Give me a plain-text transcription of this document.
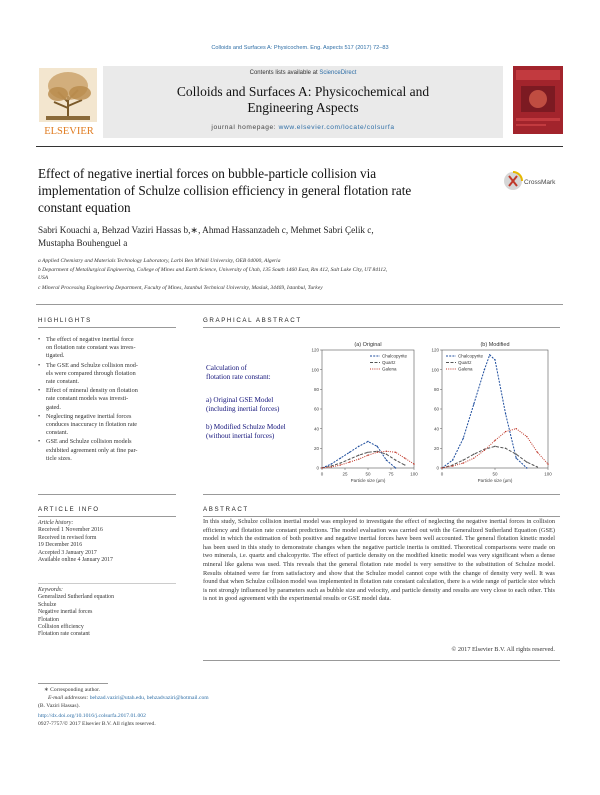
Colloids and Surfaces A: Physicochem. Eng. Aspects 517 (2017) 72–83
Contents lists available at ScienceDirect
Colloids and Surfaces A: Physicochemical and
Engineering Aspects
journal homepage: www.elsevier.com/locate/colsurfa
ELSEVIER
Effect of negative inertial forces on bubble-particle collision via
implementation of Schulze collision efficiency in general flotation rate
constant equation
CrossMark
Sabri Kouachi a, Behzad Vaziri Hassas b,∗, Ahmad Hassanzadeh c, Mehmet Sabri Çelik c,
Mustapha Bouhenguel a
a Applied Chemistry and Materials Technology Laboratory, Larbi Ben M'hidi University, OEB 04000, Algeria
b Department of Metallurgical Engineering, College of Mines and Earth Science, University of Utah, 135 South 1460 East, Rm 412, Salt Lake City, UT 84112,
USA
c Mineral Processing Engineering Department, Faculty of Mines, Istanbul Technical University, Maslak, 34469, Istanbul, Turkey
HIGHLIGHTS
• The effect of negative inertial force
on flotation rate constant was inves-
tigated.
• The GSE and Schulze collision mod-
els were compared through flotation
rate constant.
• Effect of mineral density on flotation
rate constant models was investi-
gated.
• Neglecting negative inertial forces
conduces inaccuracy in flotation rate
constant.
• GSE and Schulze collision models
exhibited agreement only at fine par-
ticle sizes.
GRAPHICAL ABSTRACT
Calculation of
flotation rate constant:
a) Original GSE Model
(including inertial forces)
b) Modified Schulze Model
(without inertial forces)
(a) Original
0
20
40
60
80
100
120
0	25	50	75	100
Particle size (µm)
Chalcopyrite
Quartz
Galena
(b) Modified
0
20
40
60
80
100
120
0	50	100
Particle size (µm)
Chalcopyrite
Quartz
Galena
ARTICLE INFO
Article history:
Received 1 November 2016
Received in revised form
19 December 2016
Accepted 3 January 2017
Available online 4 January 2017
Keywords:
Generalized Sutherland equation
Schulze
Negative inertial forces
Flotation
Collision efficiency
Flotation rate constant
ABSTRACT
In this study, Schulze collision inertial model was employed to investigate the effect of neglecting the negative inertial forces in collision efficiency and flotation rate constant predictions. The model evaluation was carried out with the Generalized Sutherland Equation (GSE) model in which the estimation of both positive and negative inertial forces have been well accounted. The general flotation kinetic model has been used in this study to demonstrate changes when the negative particle inertia is omitted. Theoretical comparisons were made on two minerals, i.e. quartz and chalcopyrite. The effect of particle density on the modified kinetic model was very significant when a dense mineral like galena was used. This reveals that the general flotation rate model is very sensitive to the substitution of Schulze model. Results obtained were far from satisfactory and show that the Schulze model cannot cope with the change of density very well. It was found that when Schulze collision model was implemented in flotation rate constant calculation, there is a wide range of particle size which is not strongly influenced by parameters such as bubble size and velocity, and particle density and results are very close to each other. This is not in good agreement with the experimental results or GSE model data.
© 2017 Elsevier B.V. All rights reserved.
∗ Corresponding author.
E-mail addresses: behzad.vaziri@utah.edu, behzadvaziri@hotmail.com
(B. Vaziri Hassas).
http://dx.doi.org/10.1016/j.colsurfa.2017.01.002
0927-7757/© 2017 Elsevier B.V. All rights reserved.
